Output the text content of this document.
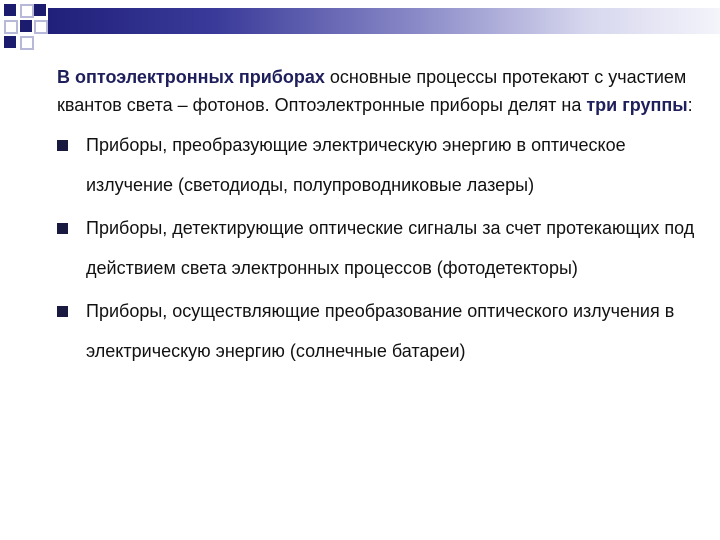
В оптоэлектронных приборах основные процессы протекают с участием квантов света – фотонов. Оптоэлектронные приборы делят на три группы:

Приборы, преобразующие электрическую энергию в оптическое излучение (светодиоды, полупроводниковые лазеры)
Приборы, детектирующие оптические сигналы за счет протекающих под действием света электронных процессов (фотодетекторы)
Приборы, осуществляющие преобразование оптического излучения в электрическую энергию (солнечные батареи)
